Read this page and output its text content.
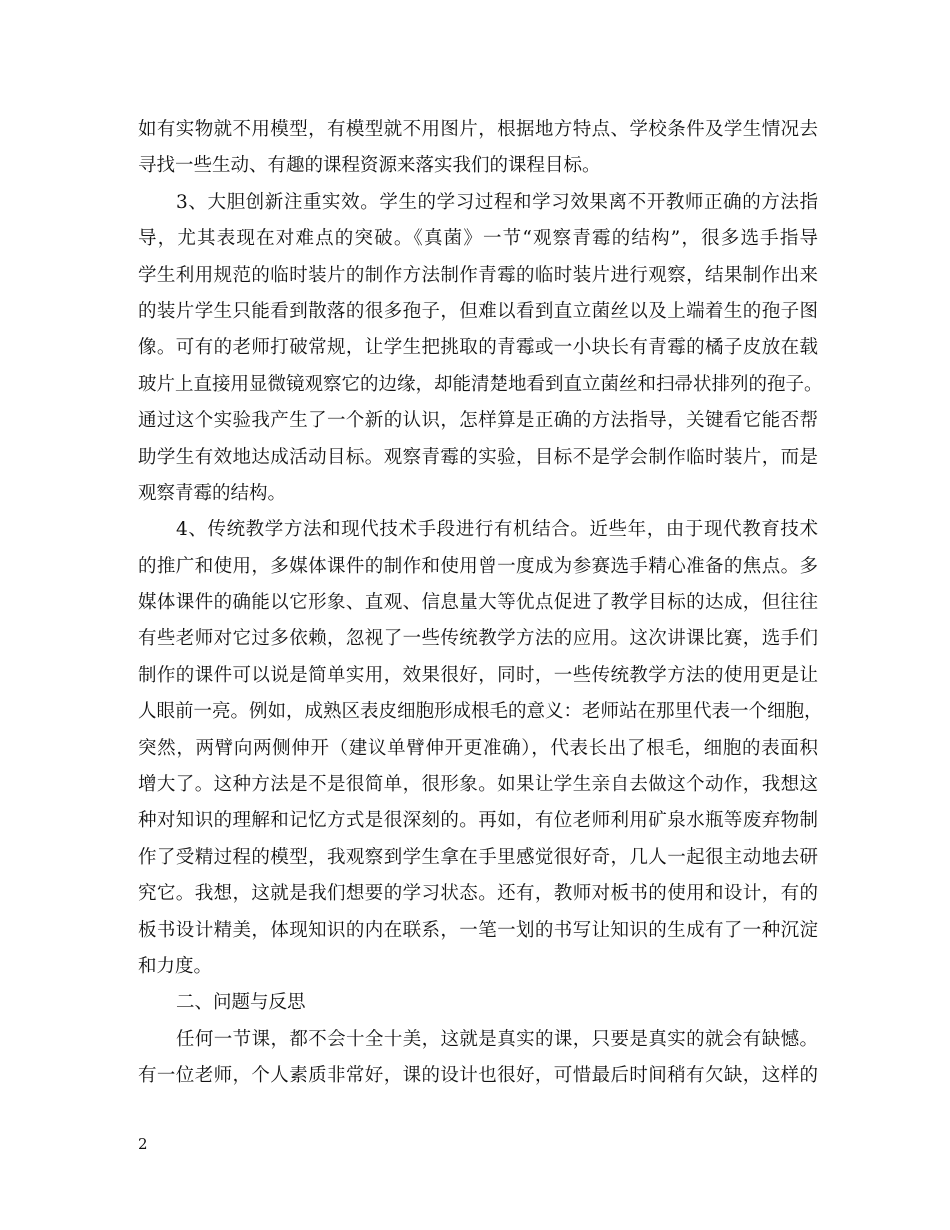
如有实物就不用模型，有模型就不用图片，根据地方特点、学校条件及学生情况去
寻找一些生动、有趣的课程资源来落实我们的课程目标。
3、大胆创新注重实效。学生的学习过程和学习效果离不开教师正确的方法指
导，尤其表现在对难点的突破。《真菌》一节“观察青霉的结构”，很多选手指导
学生利用规范的临时装片的制作方法制作青霉的临时装片进行观察，结果制作出来
的装片学生只能看到散落的很多孢子，但难以看到直立菌丝以及上端着生的孢子图
像。可有的老师打破常规，让学生把挑取的青霉或一小块长有青霉的橘子皮放在载
玻片上直接用显微镜观察它的边缘，却能清楚地看到直立菌丝和扫帚状排列的孢子。
通过这个实验我产生了一个新的认识，怎样算是正确的方法指导，关键看它能否帮
助学生有效地达成活动目标。观察青霉的实验，目标不是学会制作临时装片，而是
观察青霉的结构。
4、传统教学方法和现代技术手段进行有机结合。近些年，由于现代教育技术
的推广和使用，多媒体课件的制作和使用曾一度成为参赛选手精心准备的焦点。多
媒体课件的确能以它形象、直观、信息量大等优点促进了教学目标的达成，但往往
有些老师对它过多依赖，忽视了一些传统教学方法的应用。这次讲课比赛，选手们
制作的课件可以说是简单实用，效果很好，同时，一些传统教学方法的使用更是让
人眼前一亮。例如，成熟区表皮细胞形成根毛的意义：老师站在那里代表一个细胞，
突然，两臂向两侧伸开（建议单臂伸开更准确），代表长出了根毛，细胞的表面积
增大了。这种方法是不是很简单，很形象。如果让学生亲自去做这个动作，我想这
种对知识的理解和记忆方式是很深刻的。再如，有位老师利用矿泉水瓶等废弃物制
作了受精过程的模型，我观察到学生拿在手里感觉很好奇，几人一起很主动地去研
究它。我想，这就是我们想要的学习状态。还有，教师对板书的使用和设计，有的
板书设计精美，体现知识的内在联系，一笔一划的书写让知识的生成有了一种沉淀
和力度。
二、问题与反思
任何一节课，都不会十全十美，这就是真实的课，只要是真实的就会有缺憾。
有一位老师，个人素质非常好，课的设计也很好，可惜最后时间稍有欠缺，这样的
2
